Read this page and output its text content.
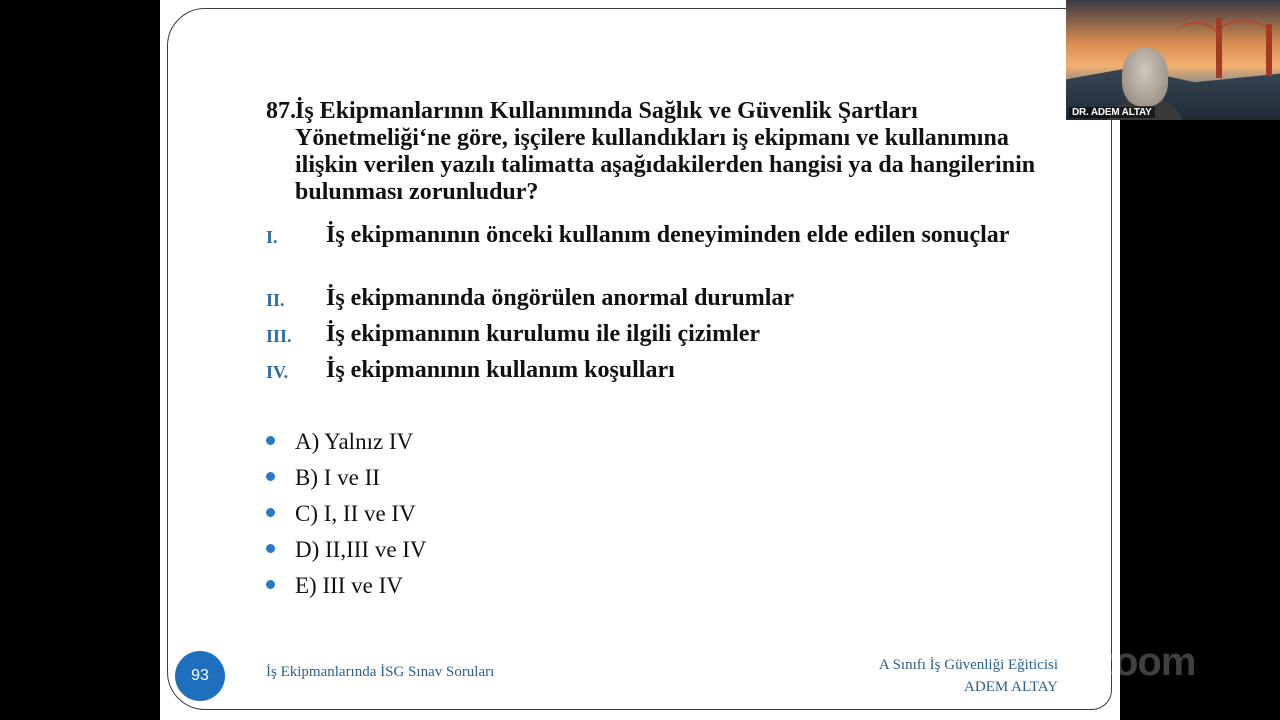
87. İş Ekipmanlarının Kullanımında Sağlık ve Güvenlik Şartları Yönetmeliği‘ne göre, işçilere kullandıkları iş ekipmanı ve kullanımına ilişkin verilen yazılı talimatta aşağıdakilerden hangisi ya da hangilerinin bulunması zorunludur?
I.	İş ekipmanının önceki kullanım deneyiminden elde edilen sonuçlar
II.	İş ekipmanında öngörülen anormal durumlar
III.	İş ekipmanının kurulumu ile ilgili çizimler
IV.	İş ekipmanının kullanım koşulları
A) Yalnız IV
B) I ve II
C) I, II ve IV
D) II,III ve IV
E) III ve IV
93	İş Ekipmanlarında İSG Sınav Soruları	A Sınıfı İş Güvenliği Eğiticisi
ADEM ALTAY
DR. ADEM ALTAY
zoom
